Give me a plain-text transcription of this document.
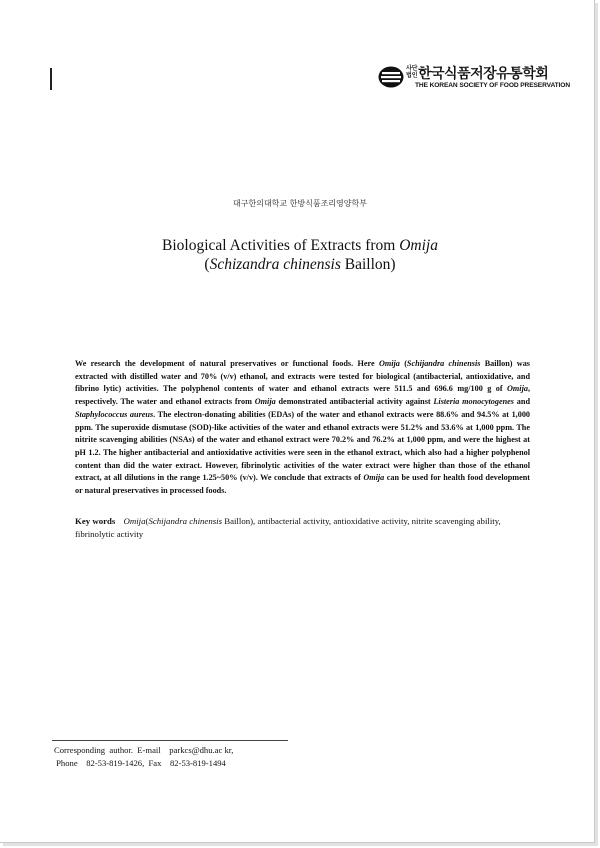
사단
법인 한국식품저장유통학회
THE KOREAN SOCIETY OF FOOD PRESERVATION
대구한의대학교 한방식품조리영양학부
Biological Activities of Extracts from Omija
(Schizandra chinensis Baillon)
We research the development of natural preservatives or functional foods. Here Omija (Schijandra chinensis Baillon) was extracted with distilled water and 70% (v/v) ethanol, and extracts were tested for biological (antibacterial, antioxidative, and fibrino lytic) activities. The polyphenol contents of water and ethanol extracts were 511.5 and 696.6 mg/100 g of Omija, respectively. The water and ethanol extracts from Omija demonstrated antibacterial activity against Listeria monocytogenes and Staphylococcus aureus. The electron-donating abilities (EDAs) of the water and ethanol extracts were 88.6% and 94.5% at 1,000 ppm. The superoxide dismutase (SOD)-like activities of the water and ethanol extracts were 51.2% and 53.6% at 1,000 ppm. The nitrite scavenging abilities (NSAs) of the water and ethanol extract were 70.2% and 76.2% at 1,000 ppm, and were the highest at pH 1.2. The higher antibacterial and antioxidative activities were seen in the ethanol extract, which also had a higher polyphenol content than did the water extract. However, fibrinolytic activities of the water extract were higher than those of the ethanol extract, at all dilutions in the range 1.25~50% (v/v). We conclude that extracts of Omija can be used for health food development or natural preservatives in processed foods.
Key words Omija(Schijandra chinensis Baillon), antibacterial activity, antioxidative activity, nitrite scavenging ability, fibrinolytic activity
Corresponding  author.  E-mail    parkcs@dhu.ac kr,
Phone    82-53-819-1426,  Fax    82-53-819-1494
